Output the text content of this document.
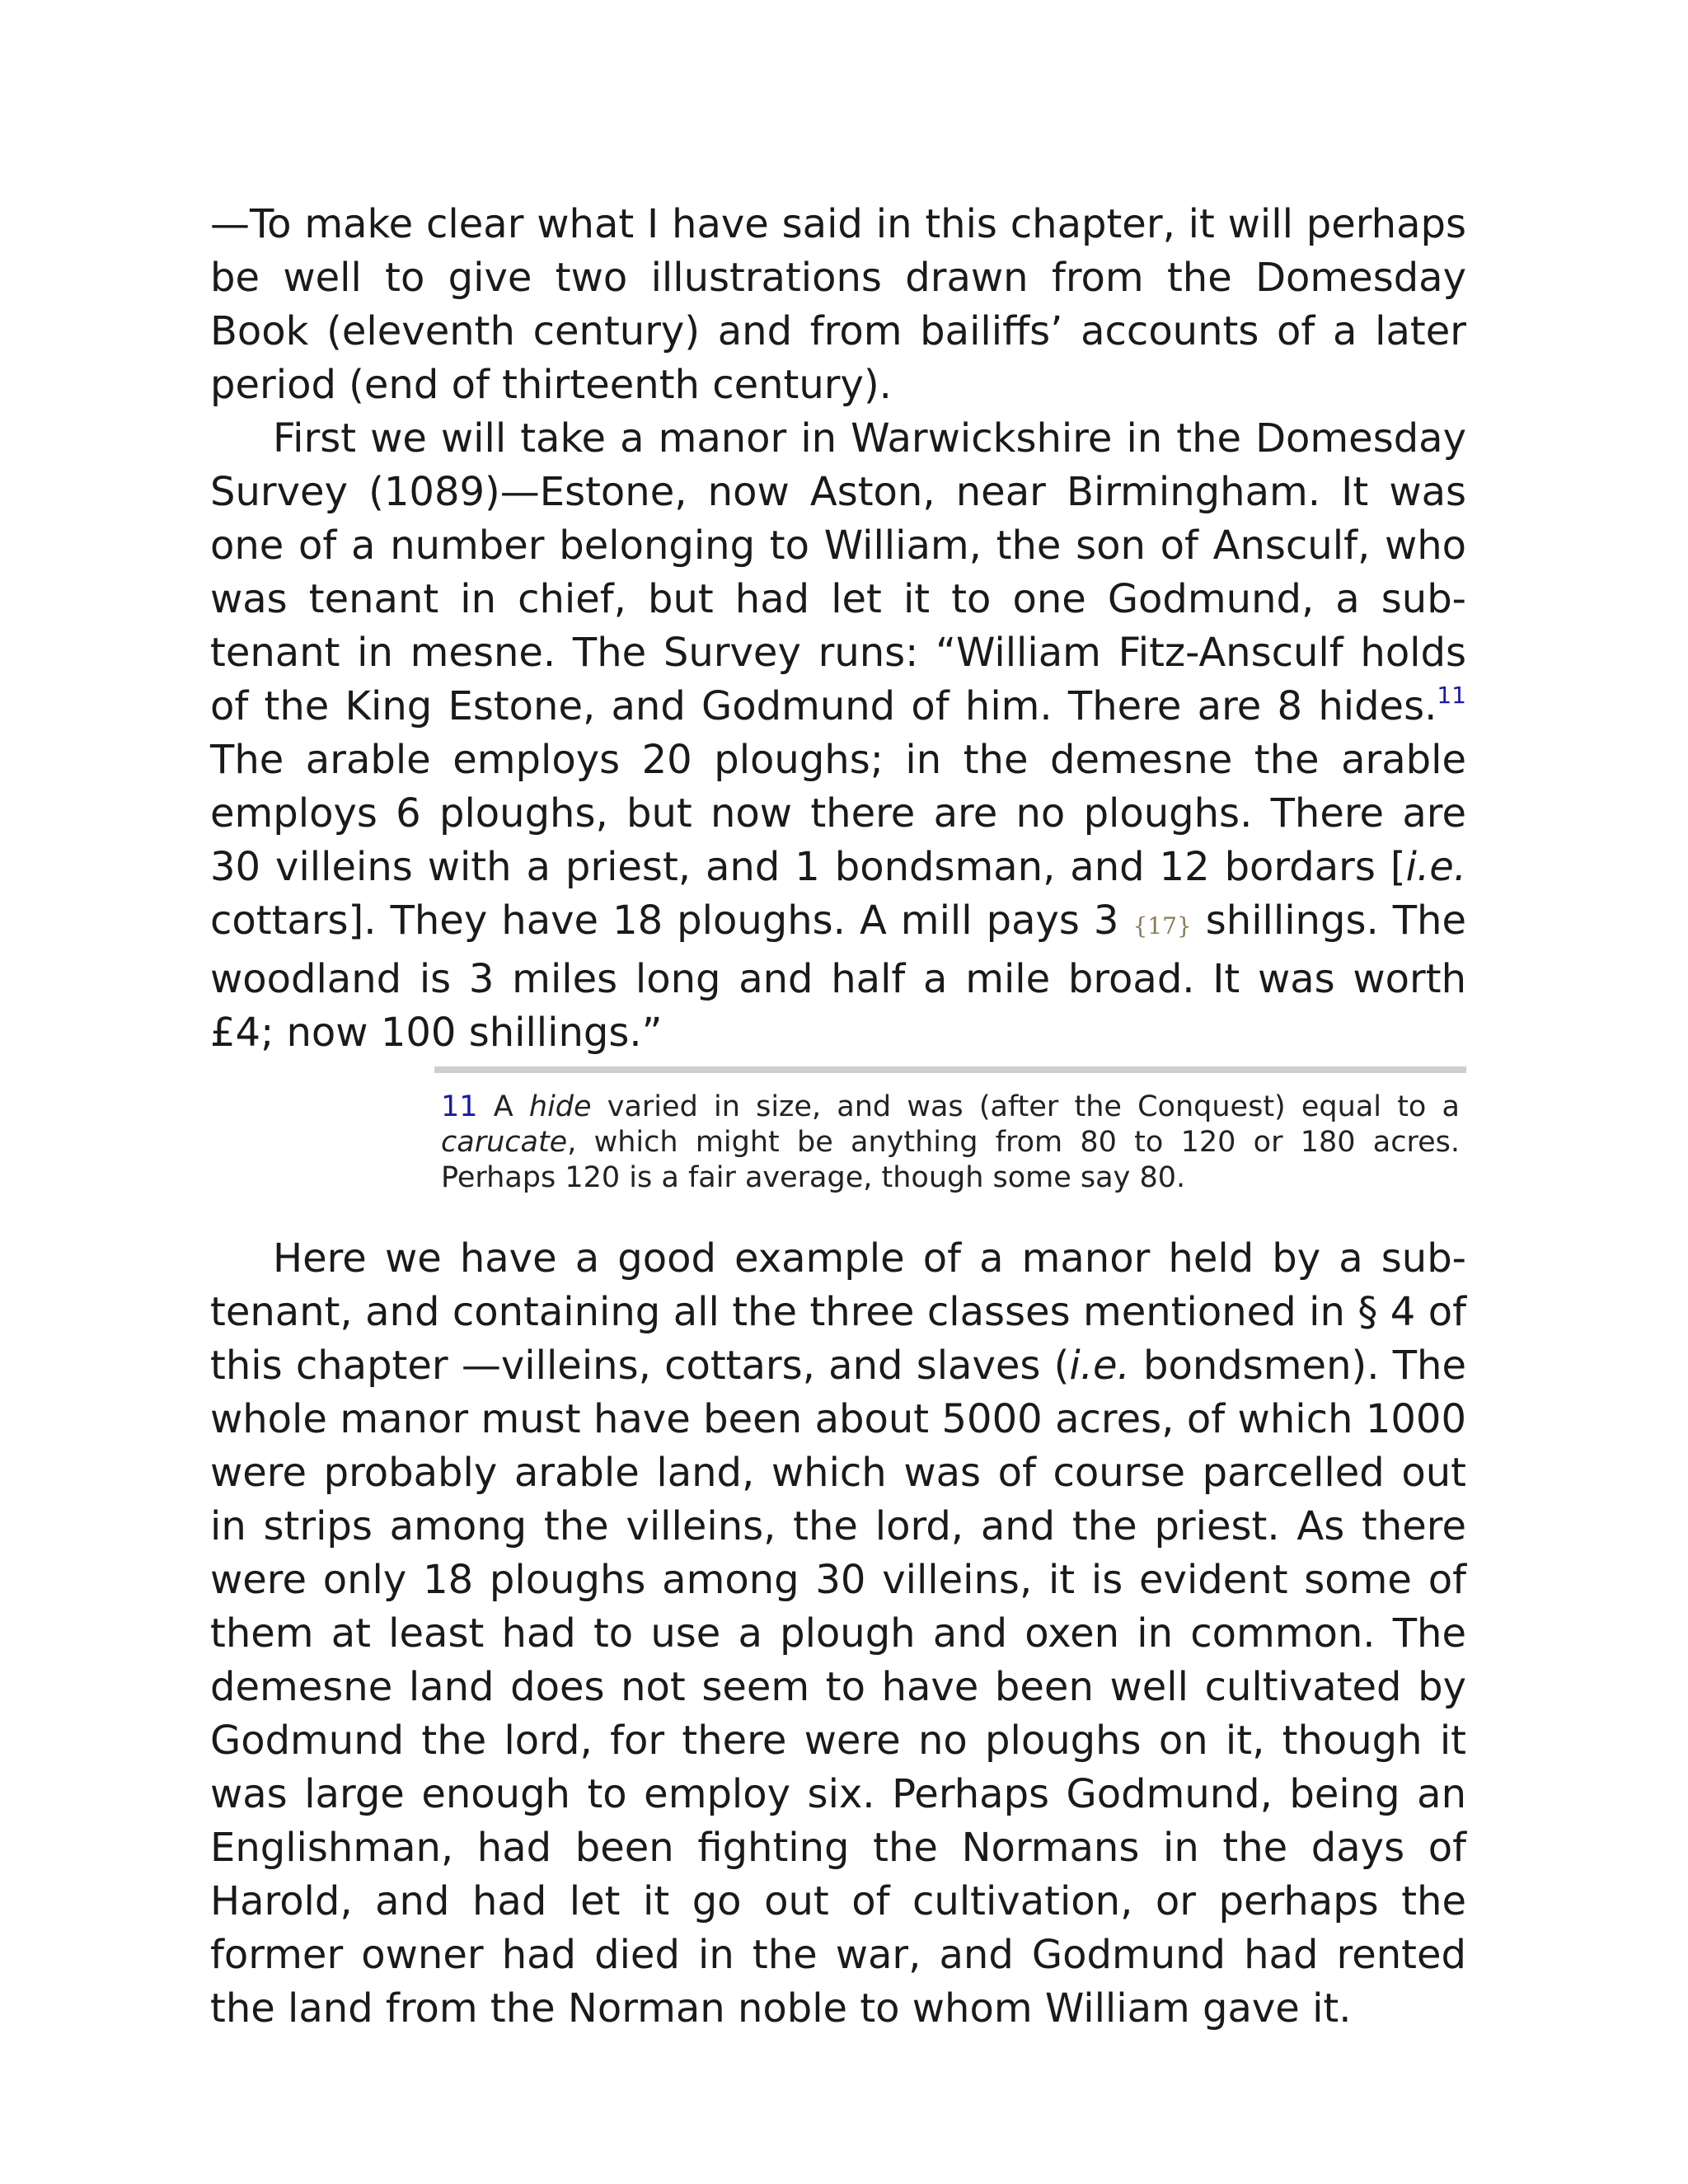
—To make clear what I have said in this chapter, it will perhaps be well to give two illustrations drawn from the Domesday Book (eleventh century) and from bailiffs’ accounts of a later period (end of thirteenth century).

First we will take a manor in Warwickshire in the Domesday Survey (1089)—Estone, now Aston, near Birmingham. It was one of a number belonging to William, the son of Ansculf, who was tenant in chief, but had let it to one Godmund, a sub-tenant in mesne. The Survey runs: “William Fitz-Ansculf holds of the King Estone, and Godmund of him. There are 8 hides.$^{11}$ The arable employs 20 ploughs; in the demesne the arable employs 6 ploughs, but now there are no ploughs. There are 30 villeins with a priest, and 1 bondsman, and 12 bordars [i.e. cottars]. They have 18 ploughs. A mill pays 3 {17} shillings. The woodland is 3 miles long and half a mile broad. It was worth £4; now 100 shillings.”

11 A hide varied in size, and was (after the Conquest) equal to a carucate, which might be anything from 80 to 120 or 180 acres. Perhaps 120 is a fair average, though some say 80.

Here we have a good example of a manor held by a sub-tenant, and containing all the three classes mentioned in § 4 of this chapter —villeins, cottars, and slaves (i.e. bondsmen). The whole manor must have been about 5000 acres, of which 1000 were probably arable land, which was of course parcelled out in strips among the villeins, the lord, and the priest. As there were only 18 ploughs among 30 villeins, it is evident some of them at least had to use a plough and oxen in common. The demesne land does not seem to have been well cultivated by Godmund the lord, for there were no ploughs on it, though it was large enough to employ six. Perhaps Godmund, being an Englishman, had been fighting the Normans in the days of Harold, and had let it go out of cultivation, or perhaps the former owner had died in the war, and Godmund had rented the land from the Norman noble to whom William gave it.
